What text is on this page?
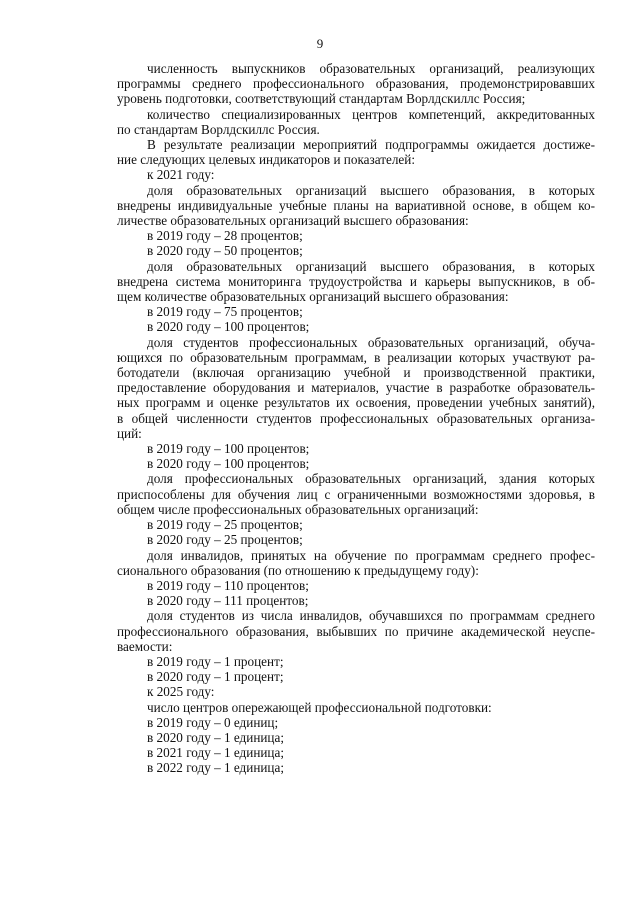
9
численность выпускников образовательных организаций, реализующих
программы среднего профессионального образования, продемонстрировавших
уровень подготовки, соответствующий стандартам Ворлдскиллс Россия;
количество специализированных центров компетенций, аккредитованных
по стандартам Ворлдскиллс Россия.
В результате реализации мероприятий подпрограммы ожидается достиже-
ние следующих целевых индикаторов и показателей:
к 2021 году:
доля образовательных организаций высшего образования, в которых
внедрены индивидуальные учебные планы на вариативной основе, в общем ко-
личестве образовательных организаций высшего образования:
в 2019 году – 28 процентов;
в 2020 году – 50 процентов;
доля образовательных организаций высшего образования, в которых
внедрена система мониторинга трудоустройства и карьеры выпускников, в об-
щем количестве образовательных организаций высшего образования:
в 2019 году – 75 процентов;
в 2020 году – 100 процентов;
доля студентов профессиональных образовательных организаций, обуча-
ющихся по образовательным программам, в реализации которых участвуют ра-
ботодатели (включая организацию учебной и производственной практики,
предоставление оборудования и материалов, участие в разработке образователь-
ных программ и оценке результатов их освоения, проведении учебных занятий),
в общей численности студентов профессиональных образовательных организа-
ций:
в 2019 году – 100 процентов;
в 2020 году – 100 процентов;
доля профессиональных образовательных организаций, здания которых
приспособлены для обучения лиц с ограниченными возможностями здоровья, в
общем числе профессиональных образовательных организаций:
в 2019 году – 25 процентов;
в 2020 году – 25 процентов;
доля инвалидов, принятых на обучение по программам среднего профес-
сионального образования (по отношению к предыдущему году):
в 2019 году – 110 процентов;
в 2020 году – 111 процентов;
доля студентов из числа инвалидов, обучавшихся по программам среднего
профессионального образования, выбывших по причине академической неуспе-
ваемости:
в 2019 году – 1 процент;
в 2020 году – 1 процент;
к 2025 году:
число центров опережающей профессиональной подготовки:
в 2019 году – 0 единиц;
в 2020 году – 1 единица;
в 2021 году – 1 единица;
в 2022 году – 1 единица;
